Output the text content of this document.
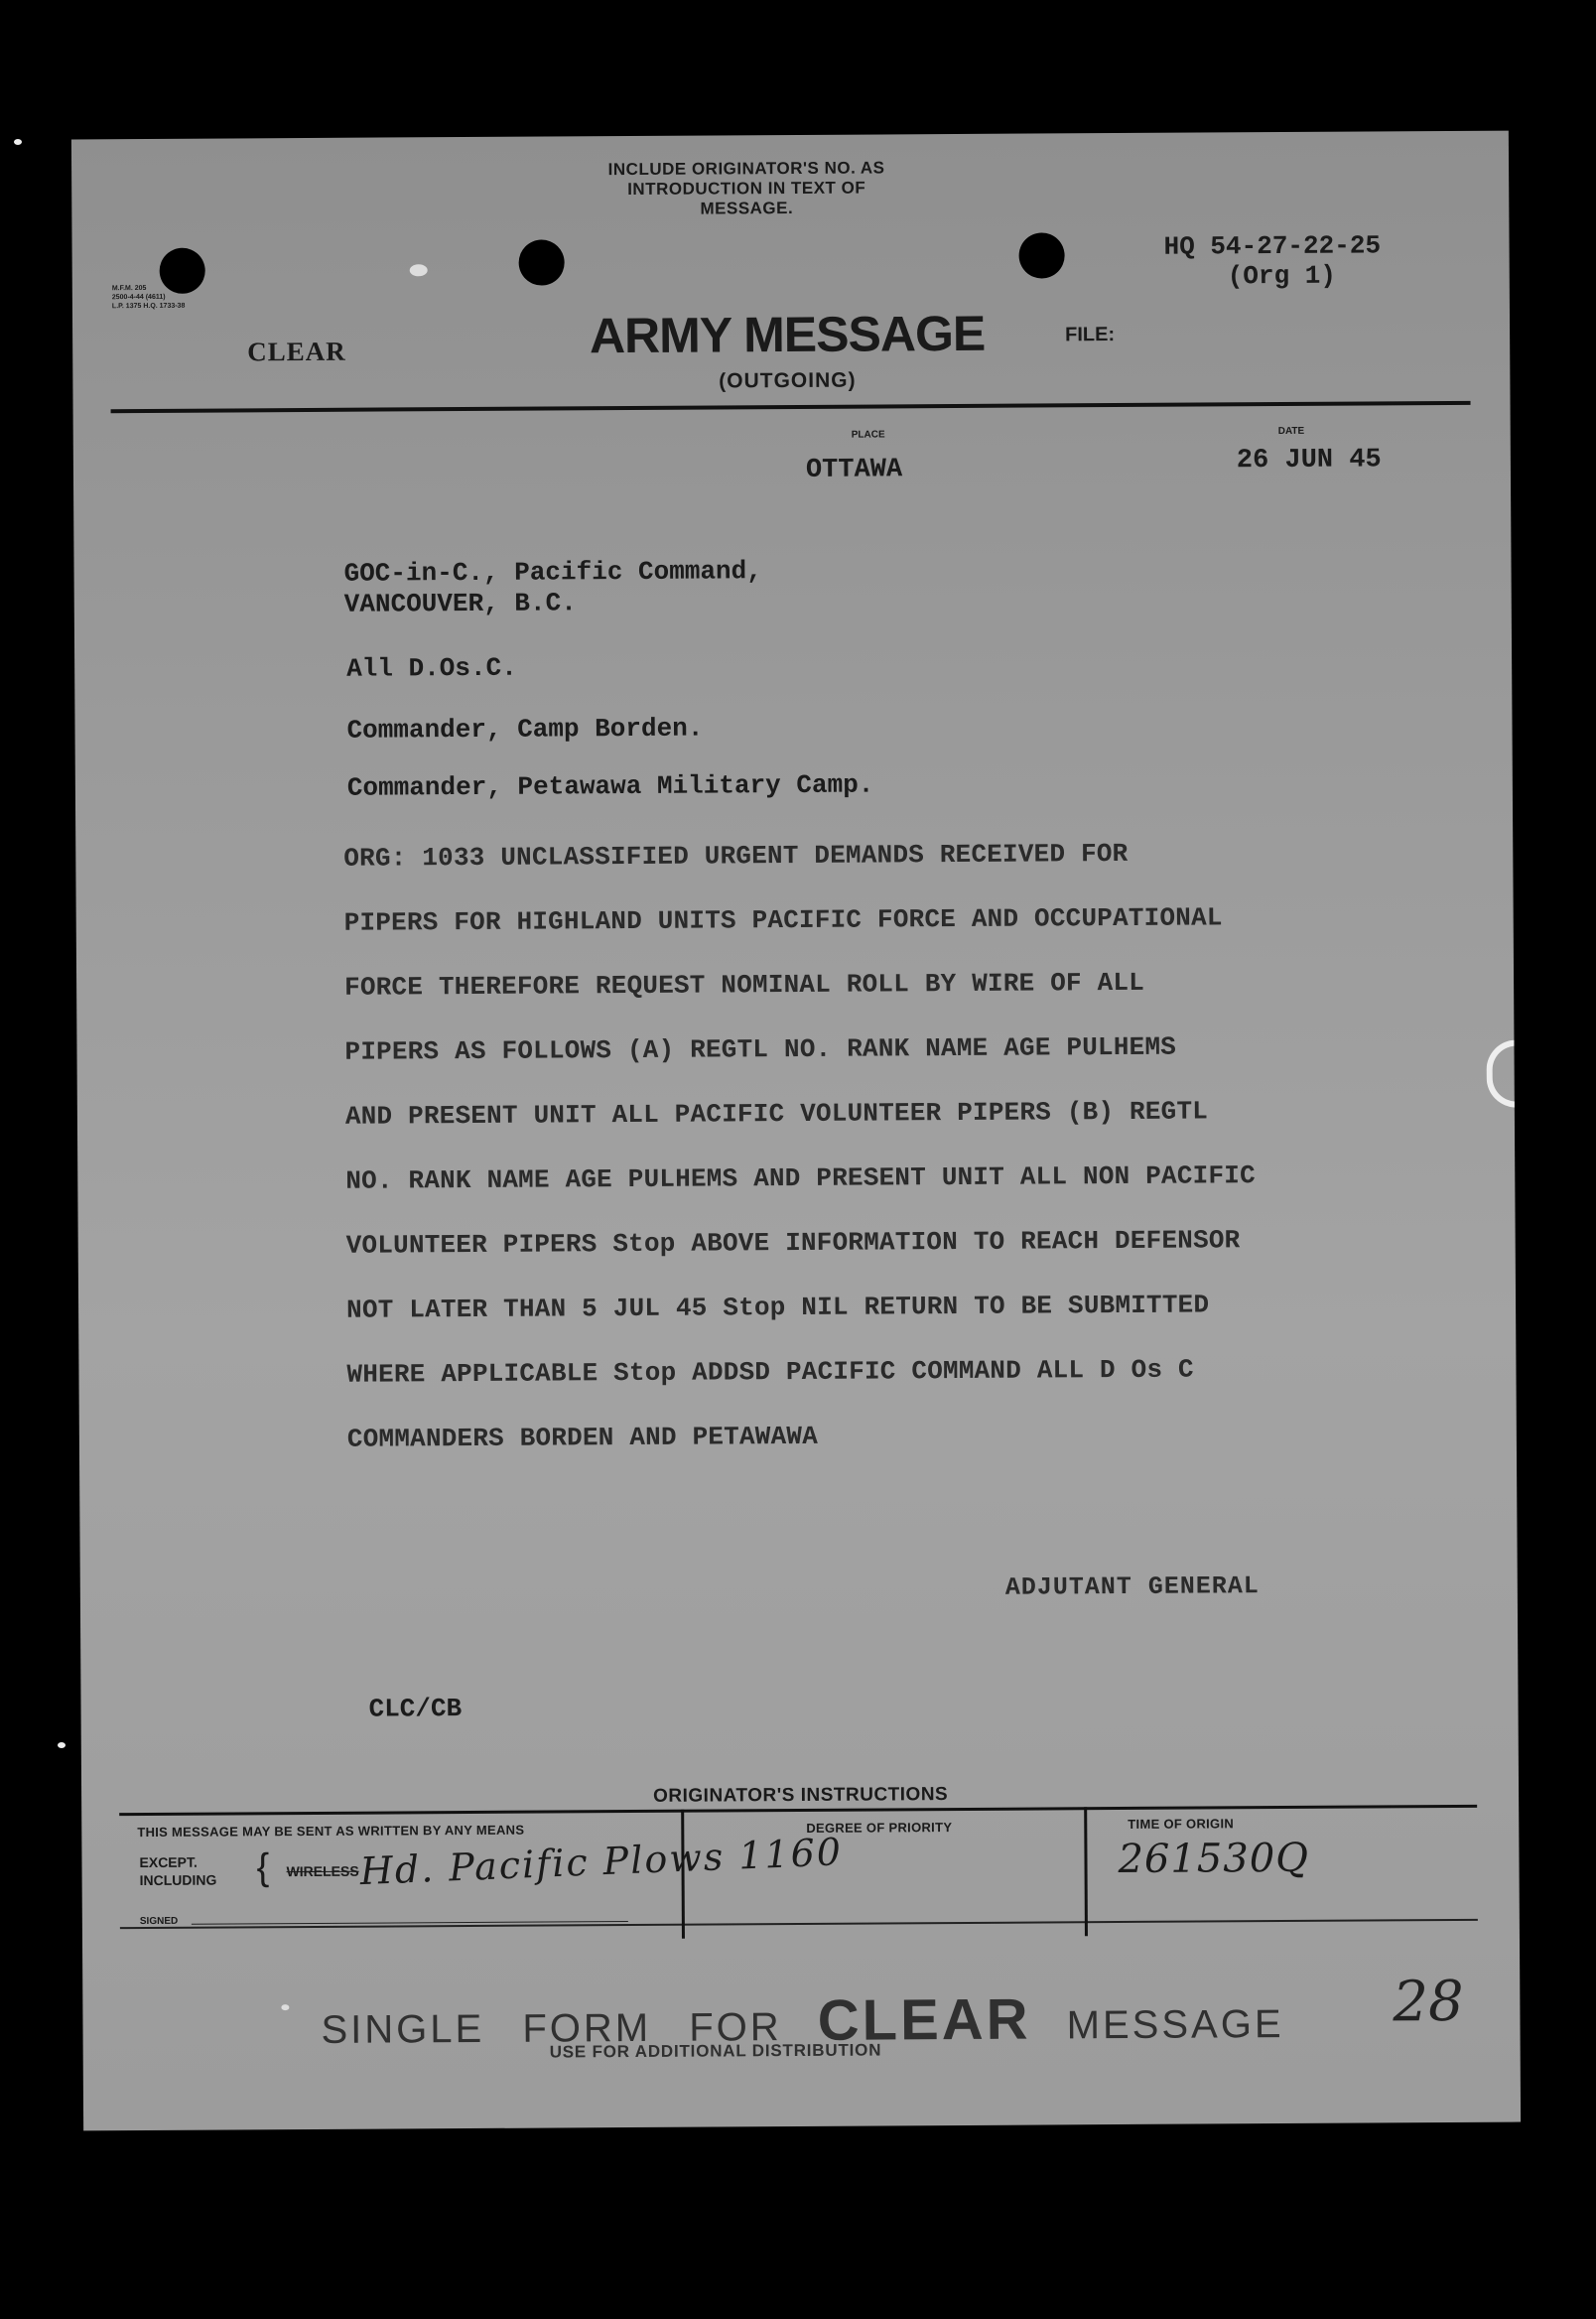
INCLUDE ORIGINATOR'S NO. AS
INTRODUCTION IN TEXT OF
MESSAGE.
M.F.M. 205
2500-4-44 (4611)
L.P. 1375 H.Q. 1733-38
CLEAR	ARMY MESSAGE
(OUTGOING)
FILE:
HQ 54-27-22-25
(Org 1)
PLACE	DATE
OTTAWA	26 JUN 45
GOC-in-C., Pacific Command,
VANCOUVER, B.C.
All D.Os.C.
Commander, Camp Borden.
Commander, Petawawa Military Camp.
ORG: 1033 UNCLASSIFIED URGENT DEMANDS RECEIVED FOR
PIPERS FOR HIGHLAND UNITS PACIFIC FORCE AND OCCUPATIONAL
FORCE THEREFORE REQUEST NOMINAL ROLL BY WIRE OF ALL
PIPERS AS FOLLOWS (A) REGTL NO. RANK NAME AGE PULHEMS
AND PRESENT UNIT ALL PACIFIC VOLUNTEER PIPERS (B) REGTL
NO. RANK NAME AGE PULHEMS AND PRESENT UNIT ALL NON PACIFIC
VOLUNTEER PIPERS Stop ABOVE INFORMATION TO REACH DEFENSOR
NOT LATER THAN 5 JUL 45 Stop NIL RETURN TO BE SUBMITTED
WHERE APPLICABLE Stop ADDSD PACIFIC COMMAND ALL D Os C
COMMANDERS BORDEN AND PETAWAWA
ADJUTANT GENERAL
CLC/CB
ORIGINATOR'S INSTRUCTIONS
THIS MESSAGE MAY BE SENT AS WRITTEN BY ANY MEANS
EXCEPT.
INCLUDING { WIRELESS Hd. Pacific Plows 1160
SIGNED
DEGREE OF PRIORITY	TIME OF ORIGIN
261530Q
SINGLE FORM FOR CLEAR MESSAGE
USE FOR ADDITIONAL DISTRIBUTION
28
